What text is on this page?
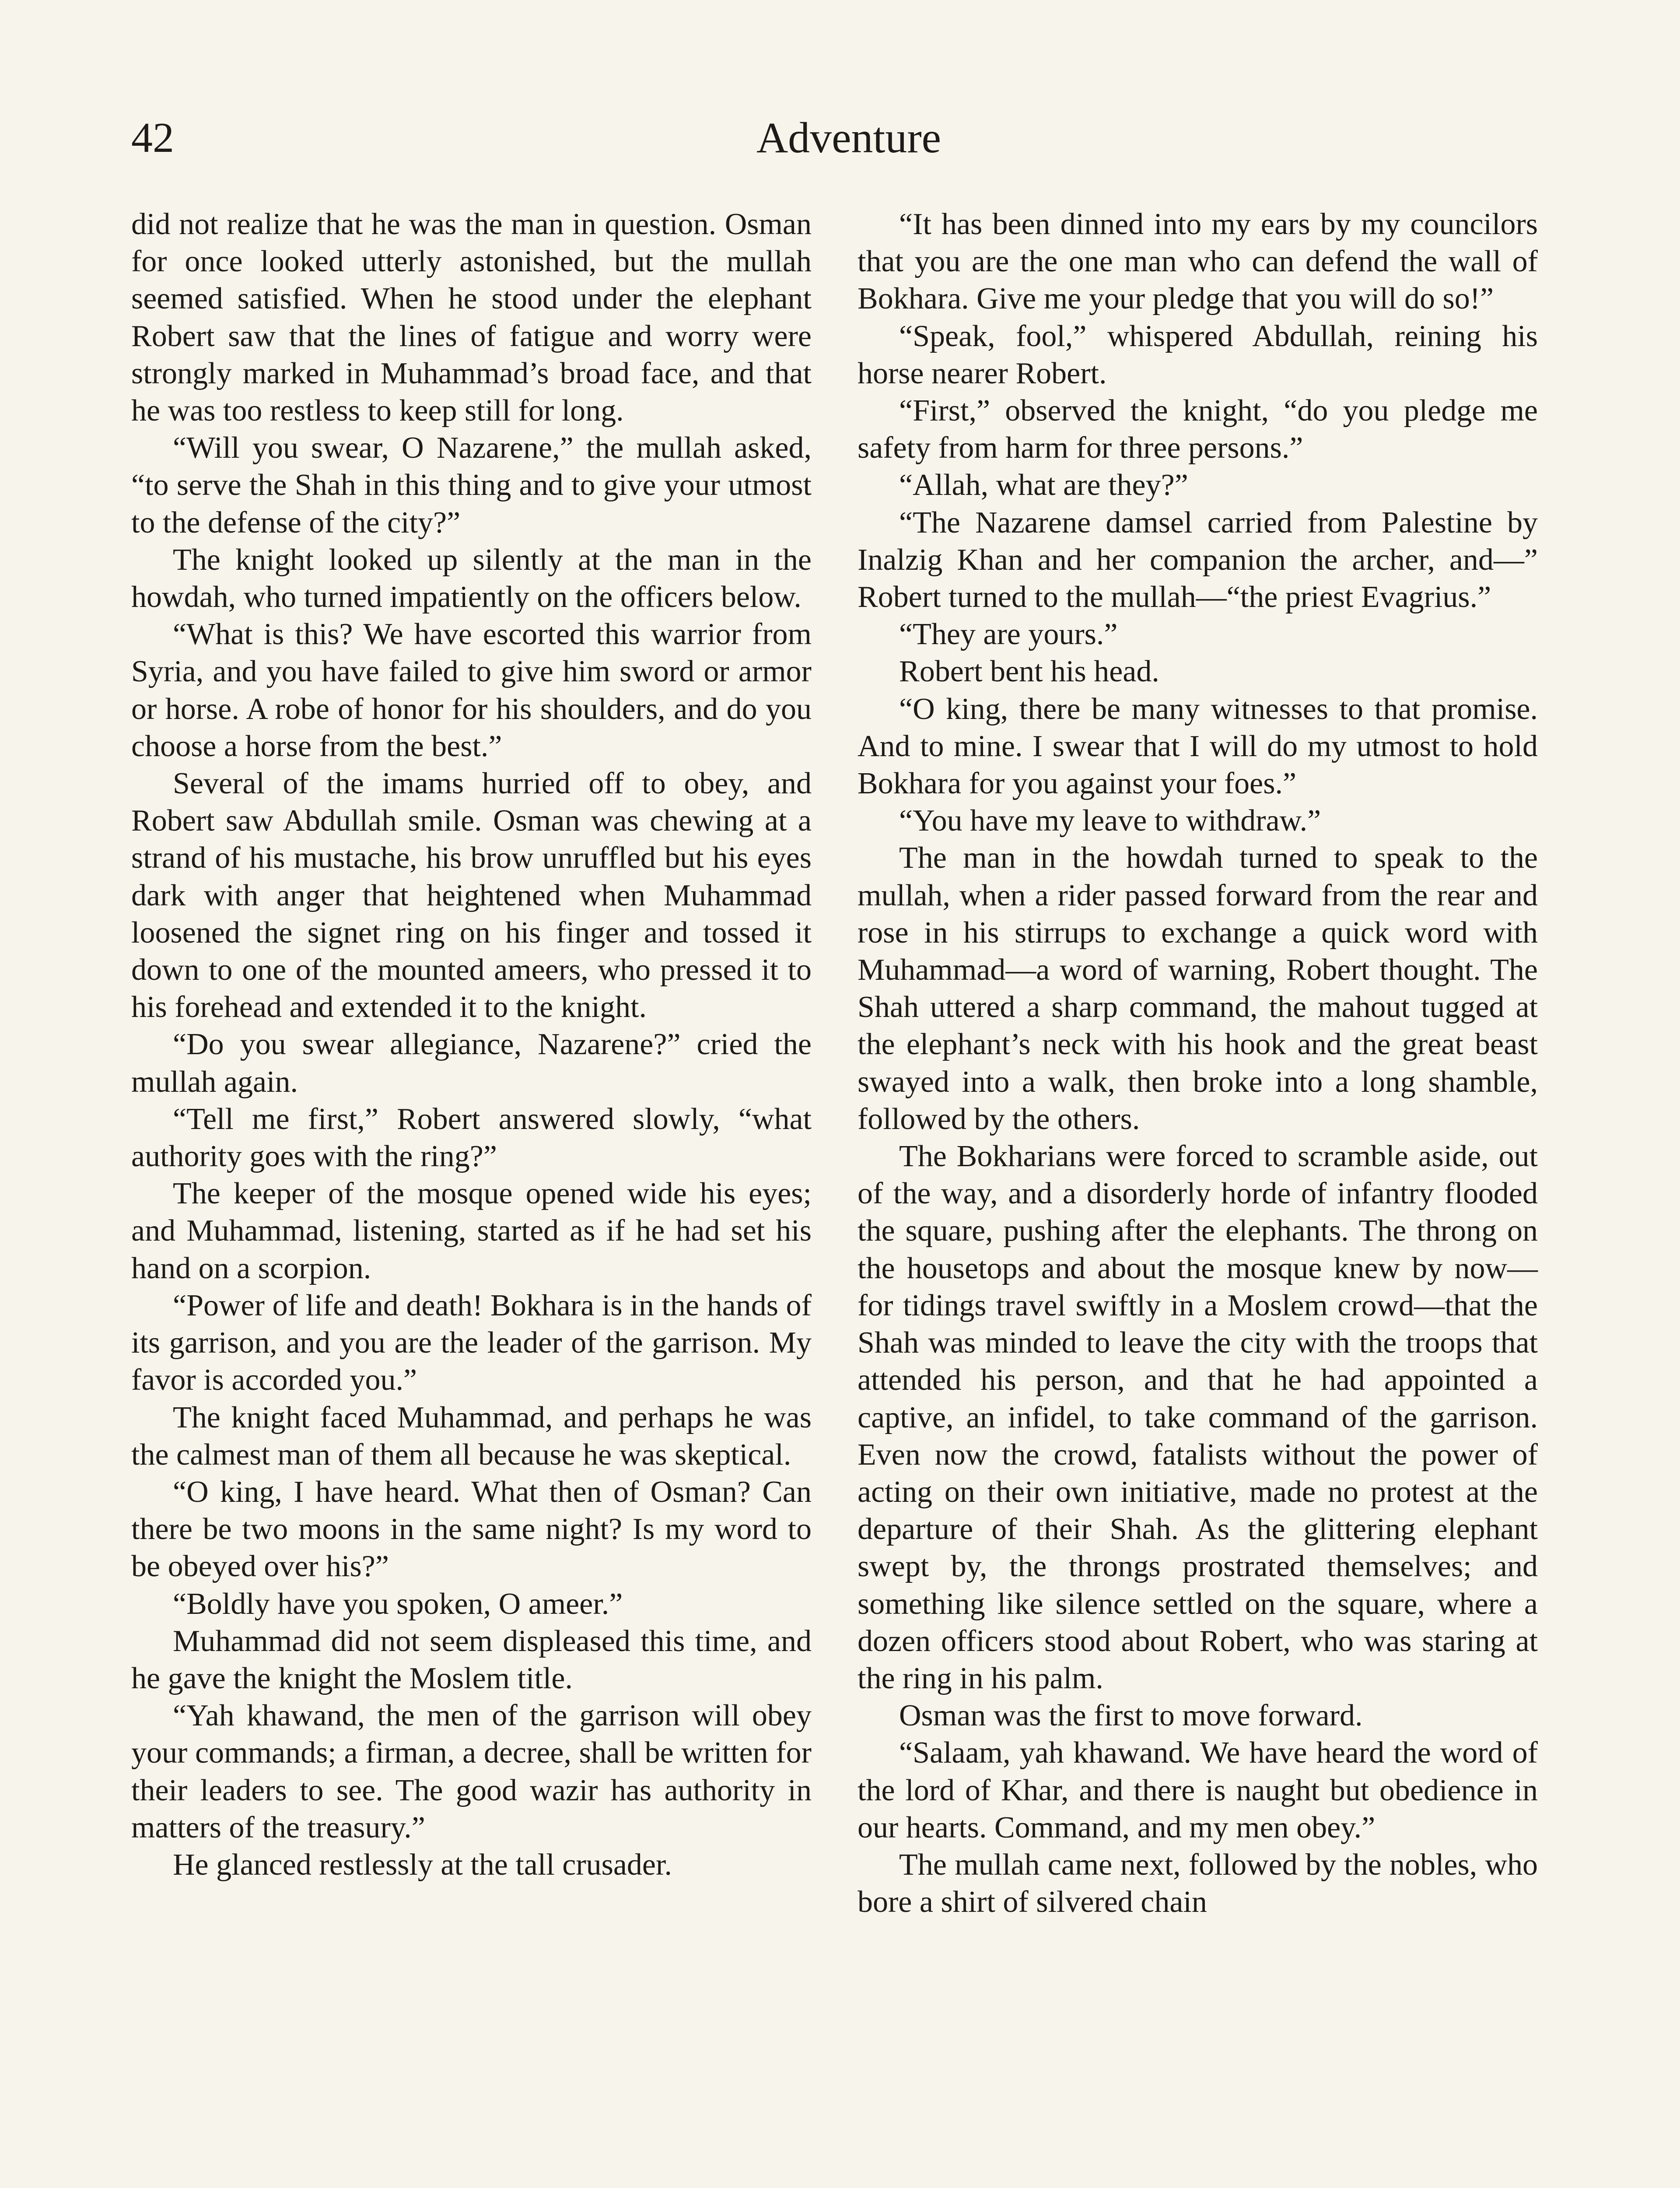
42	Adventure

did not realize that he was the man in question. Osman for once looked utterly astonished, but the mullah seemed satisfied. When he stood under the elephant Robert saw that the lines of fatigue and worry were strongly marked in Muhammad’s broad face, and that he was too restless to keep still for long.

“Will you swear, O Nazarene,” the mullah asked, “to serve the Shah in this thing and to give your utmost to the defense of the city?”

The knight looked up silently at the man in the howdah, who turned impatiently on the officers below.

“What is this? We have escorted this warrior from Syria, and you have failed to give him sword or armor or horse. A robe of honor for his shoulders, and do you choose a horse from the best.”

Several of the imams hurried off to obey, and Robert saw Abdullah smile. Osman was chewing at a strand of his mustache, his brow unruffled but his eyes dark with anger that heightened when Muhammad loosened the signet ring on his finger and tossed it down to one of the mounted ameers, who pressed it to his forehead and extended it to the knight.

“Do you swear allegiance, Nazarene?” cried the mullah again.

“Tell me first,” Robert answered slowly, “what authority goes with the ring?”

The keeper of the mosque opened wide his eyes; and Muhammad, listening, started as if he had set his hand on a scorpion.

“Power of life and death! Bokhara is in the hands of its garrison, and you are the leader of the garrison. My favor is accorded you.”

The knight faced Muhammad, and perhaps he was the calmest man of them all because he was skeptical.

“O king, I have heard. What then of Osman? Can there be two moons in the same night? Is my word to be obeyed over his?”

“Boldly have you spoken, O ameer.”

Muhammad did not seem displeased this time, and he gave the knight the Moslem title.

“Yah khawand, the men of the garrison will obey your commands; a firman, a decree, shall be written for their leaders to see. The good wazir has authority in matters of the treasury.”

He glanced restlessly at the tall crusader.

“It has been dinned into my ears by my councilors that you are the one man who can defend the wall of Bokhara. Give me your pledge that you will do so!”

“Speak, fool,” whispered Abdullah, reining his horse nearer Robert.

“First,” observed the knight, “do you pledge me safety from harm for three persons.”

“Allah, what are they?”

“The Nazarene damsel carried from Palestine by Inalzig Khan and her companion the archer, and—” Robert turned to the mullah—“the priest Evagrius.”

“They are yours.”

Robert bent his head.

“O king, there be many witnesses to that promise. And to mine. I swear that I will do my utmost to hold Bokhara for you against your foes.”

“You have my leave to withdraw.”

The man in the howdah turned to speak to the mullah, when a rider passed forward from the rear and rose in his stirrups to exchange a quick word with Muhammad—a word of warning, Robert thought. The Shah uttered a sharp command, the mahout tugged at the elephant’s neck with his hook and the great beast swayed into a walk, then broke into a long shamble, followed by the others.

The Bokharians were forced to scramble aside, out of the way, and a disorderly horde of infantry flooded the square, pushing after the elephants. The throng on the housetops and about the mosque knew by now—for tidings travel swiftly in a Moslem crowd—that the Shah was minded to leave the city with the troops that attended his person, and that he had appointed a captive, an infidel, to take command of the garrison. Even now the crowd, fatalists without the power of acting on their own initiative, made no protest at the departure of their Shah. As the glittering elephant swept by, the throngs prostrated themselves; and something like silence settled on the square, where a dozen officers stood about Robert, who was staring at the ring in his palm.

Osman was the first to move forward.

“Salaam, yah khawand. We have heard the word of the lord of Khar, and there is naught but obedience in our hearts. Command, and my men obey.”

The mullah came next, followed by the nobles, who bore a shirt of silvered chain
